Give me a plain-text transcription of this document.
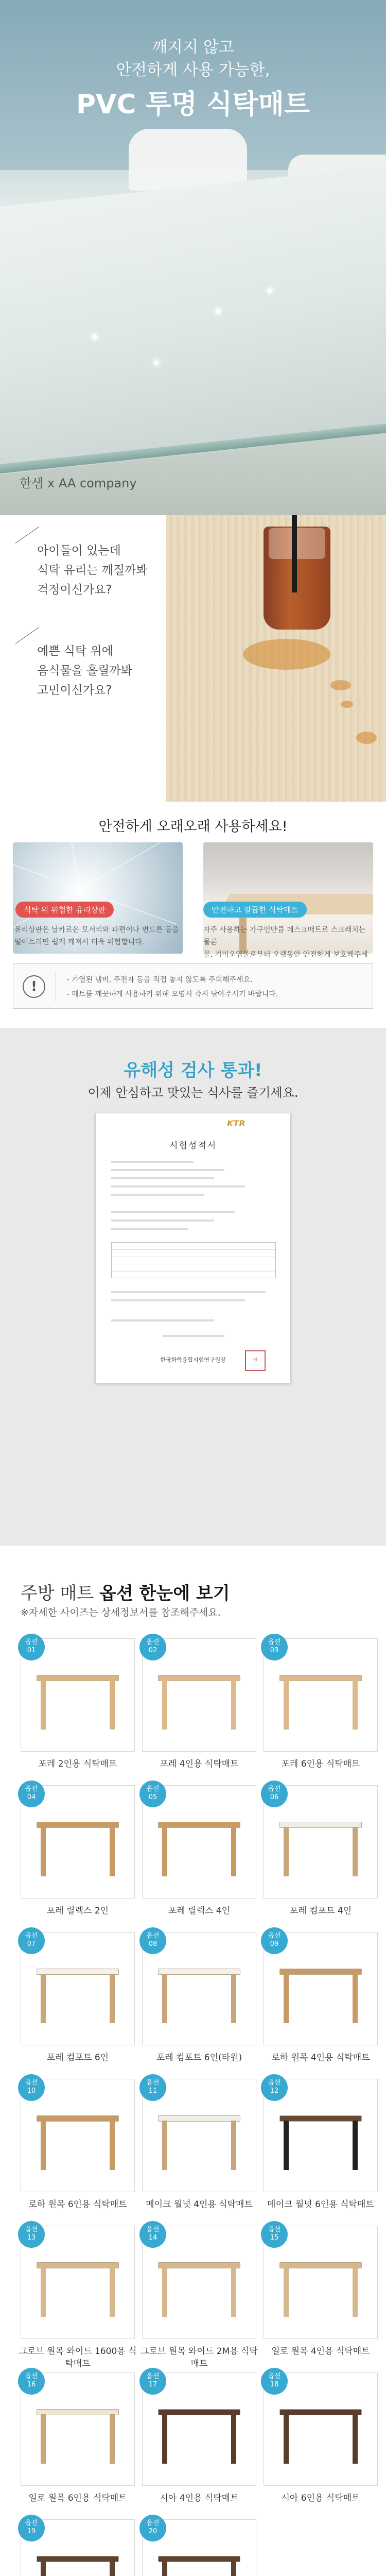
깨지지 않고
안전하게 사용 가능한,
PVC 투명 식탁매트
한샘 x AA company
아이들이 있는데
식탁 유리는 깨질까봐
걱정이신가요?
예쁜 식탁 위에
음식물을 흘릴까봐
고민이신가요?
안전하게 오래오래 사용하세요!
식탁 위 위험한 유리상판	안전하고 깔끔한 식탁매트
유리상판은 날카로운 모서리와 파편이나 변드른 등을
떨어트리면 쉽게 깨져서 더욱 위험합니다.
자주 사용하는 가구인만큼 데스크매트로 스크래치는 물론
물, 기미오염물로부터 오랫동안 안전하게 보호해주세
!	- 가열된 냄비, 주전자 등을 직접 놓지 않도록 주의해주세요.
- 매트를 깨끗하게 사용하기 위해 오염시 즉시 닦아주시기 바랍니다.
유해성 검사 통과!
이제 안심하고 맛있는 식사를 즐기세요.
KTR
시험성적서
한국화학융합시험연구원장	인
주방 매트 옵션 한눈에 보기
※자세한 사이즈는 상세정보서를 참조해주세요.
옵션
01
포레 2인용 식탁매트
옵션
02
포레 4인용 식탁매트
옵션
03
포레 6인용 식탁매트
옵션
04
포레 릴렉스 2인
옵션
05
포레 릴렉스 4인
옵션
06
포레 컴포트 4인
옵션
07
포레 컴포트 6인
옵션
08
포레 컴포트 6인(타원)
옵션
09
로하 원목 4인용 식탁매트
옵션
10
로하 원목 6인용 식탁매트
옵션
11
메이크 월넛 4인용 식탁매트
옵션
12
메이크 월넛 6인용 식탁매트
옵션
13
그로브 원목 와이드 1600용 식탁매트
옵션
14
그로브 원목 와이드 2M용 식탁매트
옵션
15
일로 원목 4인용 식탁매트
옵션
16
일로 원목 6인용 식탁매트
옵션
17
시아 4인용 식탁매트
옵션
18
시아 6인용 식탁매트
옵션
19
옵션
20
